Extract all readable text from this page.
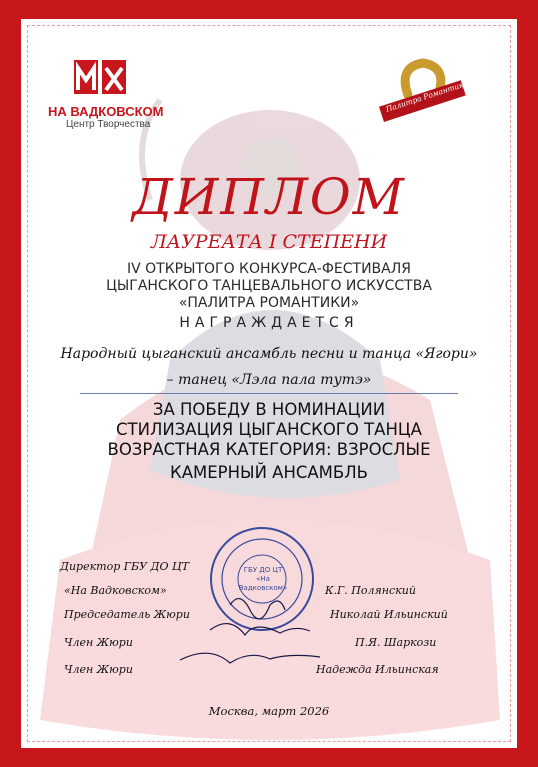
НА ВАДКОВСКОМ
Центр Творчества
Палитра Романтики
ДИПЛОМ
ЛАУРЕАТА I СТЕПЕНИ
IV ОТКРЫТОГО КОНКУРСА-ФЕСТИВАЛЯ
ЦЫГАНСКОГО ТАНЦЕВАЛЬНОГО ИСКУССТВА
«ПАЛИТРА РОМАНТИКИ»
НАГРАЖДАЕТСЯ
Народный цыганский ансамбль песни и танца «Ягори»
– танец «Лэла пала тутэ»
ЗА ПОБЕДУ В НОМИНАЦИИ
СТИЛИЗАЦИЯ ЦЫГАНСКОГО ТАНЦА
ВОЗРАСТНАЯ КАТЕГОРИЯ: ВЗРОСЛЫЕ
КАМЕРНЫЙ АНСАМБЛЬ
ГБУ ДО ЦТ «На Вадковском»
Директор ГБУ ДО ЦТ
«На Вадковском»	К.Г. Полянский
Председатель Жюри	Николай Ильинский
Член Жюри	П.Я. Шаркози
Член Жюри	Надежда Ильинская
Москва, март 2026
